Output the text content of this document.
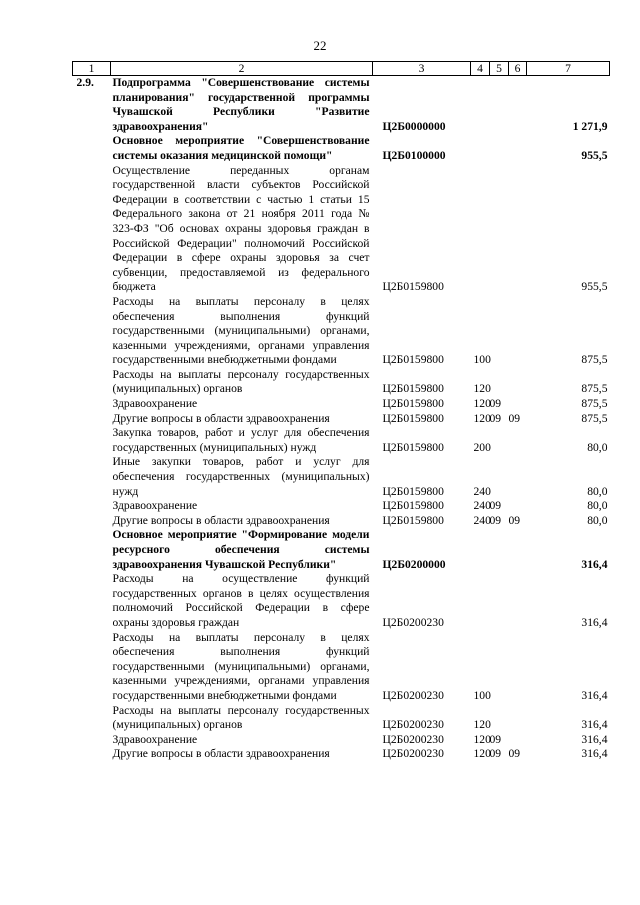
22
1	2	3	4	5	6	7
2.9.	Подпрограмма "Совершенствование системы планирования" государственной программы Чувашской Республики "Развитие здравоохранения"	Ц2Б0000000				1 271,9
	Основное мероприятие "Совершенствование системы оказания медицинской помощи"	Ц2Б0100000				955,5
	Осуществление переданных органам государственной власти субъектов Российской Федерации в соответствии с частью 1 статьи 15 Федерального закона от 21 ноября 2011 года № 323-ФЗ "Об основах охраны здоровья граждан в Российской Федерации" полномочий Российской Федерации в сфере охраны здоровья за счет субвенции, предоставляемой из федерального бюджета	Ц2Б0159800				955,5
	Расходы на выплаты персоналу в целях обеспечения выполнения функций государственными (муниципальными) органами, казенными учреждениями, органами управления государственными внебюджетными фондами	Ц2Б0159800	100			875,5
	Расходы на выплаты персоналу государственных (муниципальных) органов	Ц2Б0159800	120			875,5
	Здравоохранение	Ц2Б0159800	120	09		875,5
	Другие вопросы в области здравоохранения	Ц2Б0159800	120	09	09	875,5
	Закупка товаров, работ и услуг для обеспечения государственных (муниципальных) нужд	Ц2Б0159800	200			80,0
	Иные закупки товаров, работ и услуг для обеспечения государственных (муниципальных) нужд	Ц2Б0159800	240			80,0
	Здравоохранение	Ц2Б0159800	240	09		80,0
	Другие вопросы в области здравоохранения	Ц2Б0159800	240	09	09	80,0
	Основное мероприятие "Формирование модели ресурсного обеспечения системы здравоохранения Чувашской Республики"	Ц2Б0200000				316,4
	Расходы на осуществление функций государственных органов в целях осуществления полномочий Российской Федерации в сфере охраны здоровья граждан	Ц2Б0200230				316,4
	Расходы на выплаты персоналу в целях обеспечения выполнения функций государственными (муниципальными) органами, казенными учреждениями, органами управления государственными внебюджетными фондами	Ц2Б0200230	100			316,4
	Расходы на выплаты персоналу государственных (муниципальных) органов	Ц2Б0200230	120			316,4
	Здравоохранение	Ц2Б0200230	120	09		316,4
	Другие вопросы в области здравоохранения	Ц2Б0200230	120	09	09	316,4
